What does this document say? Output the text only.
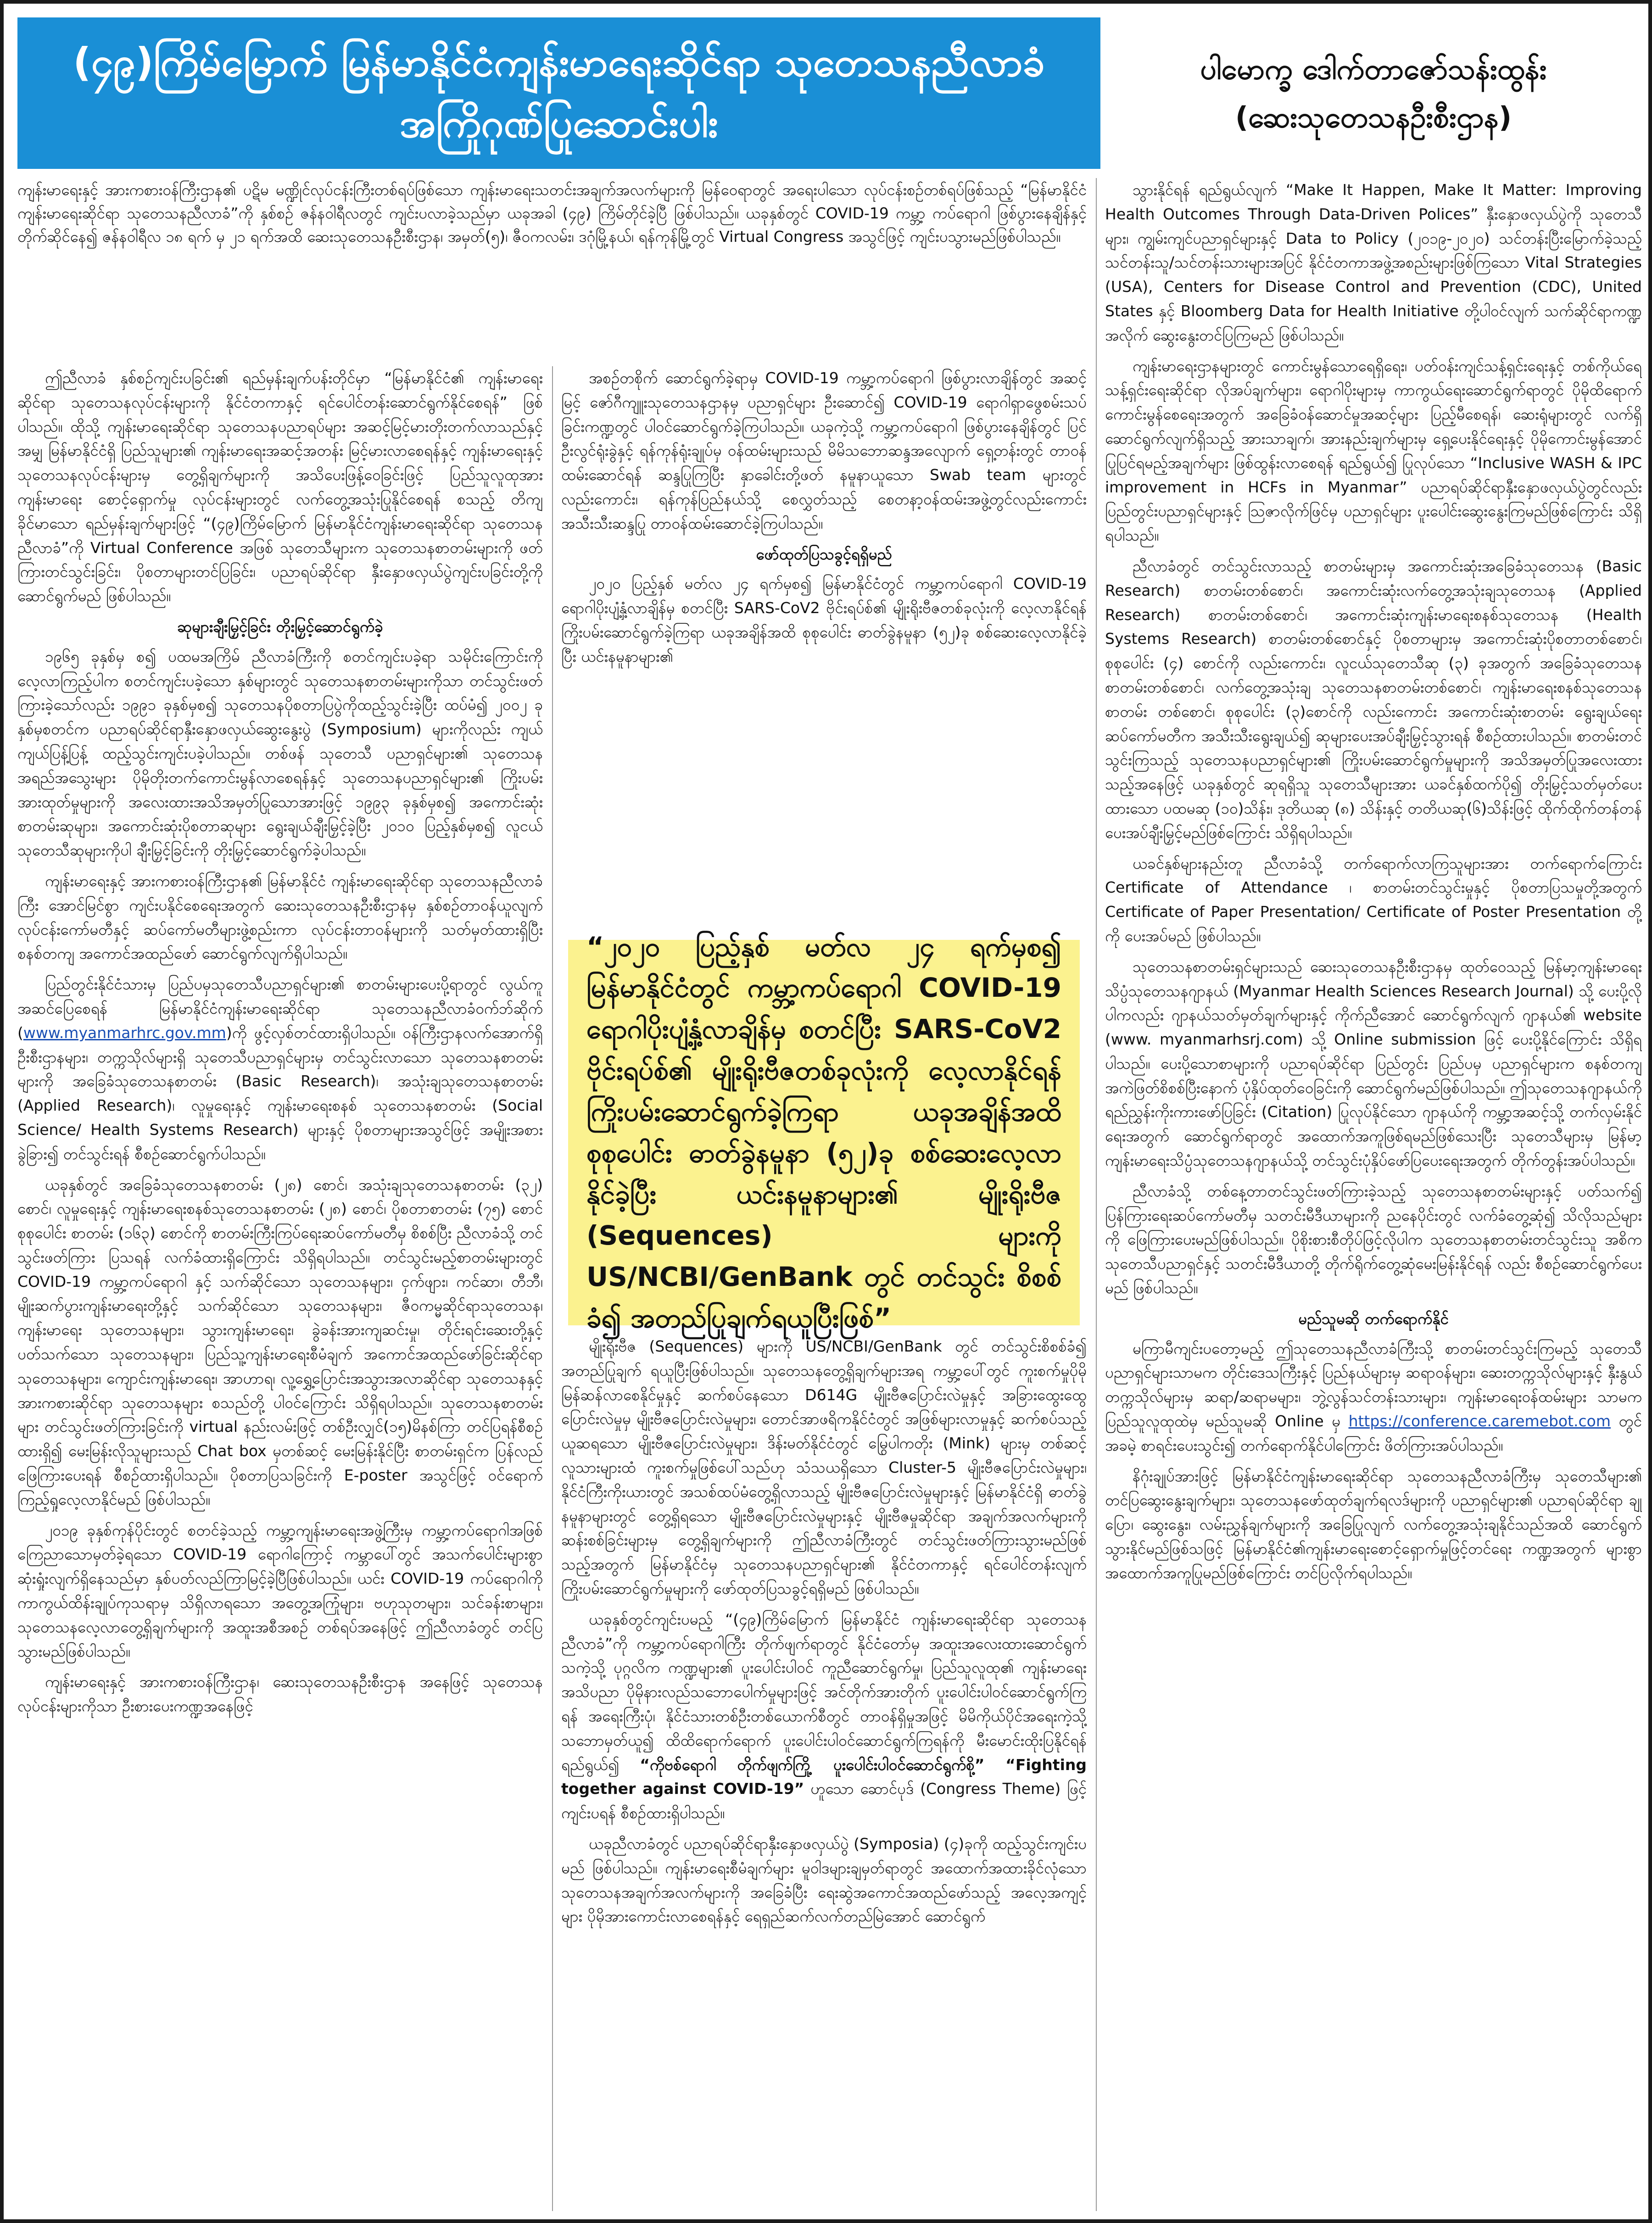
(၄၉)ကြိမ်မြောက် မြန်မာနိုင်ငံကျန်းမာရေးဆိုင်ရာ သုတေသနညီလာခံ
အကြိုဂုဏ်ပြုဆောင်းပါး
ပါမောက္ခ ဒေါက်တာဇော်သန်းထွန်း
(ဆေးသုတေသနဦးစီးဌာန)
ကျန်းမာရေးနှင့် အားကစားဝန်ကြီးဌာန၏ ပဋိမ မဏ္ဍိုင်လုပ်ငန်းကြီးတစ်ရပ်ဖြစ်သော ကျန်းမာရေးသတင်းအချက်အလက်များကို မြန်ဝေရာတွင် အရေးပါသော လုပ်ငန်းစဉ်တစ်ရပ်ဖြစ်သည့် “မြန်မာနိုင်ငံ ကျန်းမာရေးဆိုင်ရာ သုတေသနညီလာခံ”ကို နှစ်စဉ် ဇန်နဝါရီလတွင် ကျင်းပလာခဲ့သည်မှာ ယခုအခါ (၄၉) ကြိမ်တိုင်ခဲ့ပြီ ဖြစ်ပါသည်။ ယခုနှစ်တွင် COVID-19 ကမ္ဘာ့ ကပ်ရောဂါ ဖြစ်ပွားနေချိန်နှင့် တိုက်ဆိုင်နေ၍ ဇန်နဝါရီလ ၁၈ ရက် မှ ၂၁ ရက်အထိ ဆေးသုတေသနဦးစီးဌာန၊ အမှတ်(၅)၊ ဇီဝကလမ်း၊ ဒဂုံမြို့နယ်၊ ရန်ကုန်မြို့တွင် Virtual Congress အသွင်ဖြင့် ကျင်းပသွားမည်ဖြစ်ပါသည်။

ဤညီလာခံ နှစ်စဉ်ကျင်းပခြင်း၏ ရည်မှန်းချက်ပန်းတိုင်မှာ “မြန်မာနိုင်ငံ၏ ကျန်းမာရေးဆိုင်ရာ သုတေသနလုပ်ငန်းများကို နိုင်ငံတကာနှင့် ရင်ပေါင်တန်းဆောင်ရွက်နိုင်စေရန်” ဖြစ်ပါသည်။ ထိုသို့ ကျန်းမာရေးဆိုင်ရာ သုတေသနပညာရပ်များ အဆင့်မြင့်မားတိုးတက်လာသည်နှင့်အမျှ မြန်မာနိုင်ငံရှိ ပြည်သူများ၏ ကျန်းမာရေးအဆင့်အတန်း မြင့်မားလာစေရန်နှင့် ကျန်းမာရေးနှင့် သုတေသနလုပ်ငန်းများမှ တွေ့ရှိချက်များကို အသိပေးဖြန့်ဝေခြင်းဖြင့် ပြည်သူလူထုအား ကျန်းမာရေး စောင့်ရှောက်မှု လုပ်ငန်းများတွင် လက်တွေ့အသုံးပြုနိုင်စေရန် စသည့် တိကျခိုင်မာသော ရည်မှန်းချက်များဖြင့် “(၄၉)ကြိမ်မြောက် မြန်မာနိုင်ငံကျန်းမာရေးဆိုင်ရာ သုတေသနညီလာခံ”ကို Virtual Conference အဖြစ် သုတေသီများက သုတေသနစာတမ်းများကို ဖတ်ကြားတင်သွင်းခြင်း၊ ပိုစတာများတင်ပြခြင်း၊ ပညာရပ်ဆိုင်ရာ နှီးနှောဖလှယ်ပွဲကျင်းပခြင်းတို့ကို ဆောင်ရွက်မည် ဖြစ်ပါသည်။

ဆုများချီးမြှင့်ခြင်း တိုးမြှင့်ဆောင်ရွက်ခဲ့

၁၉၆၅ ခုနှစ်မှ စ၍ ပထမအကြိမ် ညီလာခံကြီးကို စတင်ကျင်းပခဲ့ရာ သမိုင်းကြောင်းကို လေ့လာကြည့်ပါက စတင်ကျင်းပခဲ့သော နှစ်များတွင် သုတေသနစာတမ်းများကိုသာ တင်သွင်းဖတ်ကြားခဲ့သော်လည်း ၁၉၉၁ ခုနှစ်မှစ၍ သုတေသနပိုစတာပြပွဲကိုထည့်သွင်းခဲ့ပြီး ထပ်မံ၍ ၂၀၀၂ ခုနှစ်မှစတင်က ပညာရပ်ဆိုင်ရာနှီးနှောဖလှယ်ဆွေးနွေးပွဲ (Symposium) များကိုလည်း ကျယ်ကျယ်ပြန့်ပြန့် ထည့်သွင်းကျင်းပခဲ့ပါသည်။ တစ်ဖန် သုတေသီ ပညာရှင်များ၏ သုတေသနအရည်အသွေးများ ပိုမိုတိုးတက်ကောင်းမွန်လာစေရန်နှင့် သုတေသနပညာရှင်များ၏ ကြိုးပမ်းအားထုတ်မှုများကို အလေးထားအသိအမှတ်ပြုသောအားဖြင့် ၁၉၉၃ ခုနှစ်မှစ၍ အကောင်းဆုံး စာတမ်းဆုများ၊ အကောင်းဆုံးပိုစတာဆုများ ရွေးချယ်ချီးမြှင့်ခဲ့ပြီး ၂၀၁၀ ပြည့်နှစ်မှစ၍ လူငယ်သုတေသီဆုများကိုပါ ချီးမြှင့်ခြင်းကို တိုးမြှင့်ဆောင်ရွက်ခဲ့ပါသည်။

ကျန်းမာရေးနှင့် အားကစားဝန်ကြီးဌာန၏ မြန်မာနိုင်ငံ ကျန်းမာရေးဆိုင်ရာ သုတေသနညီလာခံကြီး အောင်မြင်စွာ ကျင်းပနိုင်စေရေးအတွက် ဆေးသုတေသနဦးစီးဌာနမှ နှစ်စဉ်တာဝန်ယူလျက် လုပ်ငန်းကော်မတီနှင့် ဆပ်ကော်မတီများဖွဲ့စည်းကာ လုပ်ငန်းတာဝန်များကို သတ်မှတ်ထားရှိပြီး စနစ်တကျ အကောင်အထည်ဖော် ဆောင်ရွက်လျက်ရှိပါသည်။

ပြည်တွင်းနိုင်ငံသားမှ ပြည်ပမှသုတေသီပညာရှင်များ၏ စာတမ်းများပေးပို့ရာတွင် လွယ်ကူအဆင်ပြေစေရန် မြန်မာနိုင်ငံကျန်းမာရေးဆိုင်ရာ သုတေသနညီလာခံဝက်ဘ်ဆိုက် (www.myanmarhrc.gov.mm)ကို ဖွင့်လှစ်တင်ထားရှိပါသည်။ ဝန်ကြီးဌာနလက်အောက်ရှိ ဦးစီးဌာနများ၊ တက္ကသိုလ်များရှိ သုတေသီပညာရှင်များမှ တင်သွင်းလာသော သုတေသနစာတမ်းများကို အခြေခံသုတေသနစာတမ်း (Basic Research)၊ အသုံးချသုတေသနစာတမ်း (Applied Research)၊ လူမှုရေးနှင့် ကျန်းမာရေးစနစ် သုတေသနစာတမ်း (Social Science/ Health Systems Research) များနှင့် ပိုစတာများအသွင်ဖြင့် အမျိုးအစားခွဲခြား၍ တင်သွင်းရန် စီစဉ်ဆောင်ရွက်ပါသည်။

ယခုနှစ်တွင် အခြေခံသုတေသနစာတမ်း (၂၈) စောင်၊ အသုံးချသုတေသနစာတမ်း (၃၂) စောင်၊ လူမှုရေးနှင့် ကျန်းမာရေးစနစ်သုတေသနစာတမ်း (၂၈) စောင်၊ ပိုစတာစာတမ်း (၇၅) စောင် စုစုပေါင်း စာတမ်း (၁၆၃) စောင်ကို စာတမ်းကြီးကြပ်ရေးဆပ်ကော်မတီမှ စိစစ်ပြီး ညီလာခံသို့ တင်သွင်းဖတ်ကြား ပြသရန် လက်ခံထားရှိကြောင်း သိရှိရပါသည်။ တင်သွင်းမည့်စာတမ်းများတွင် COVID-19 ကမ္ဘာ့ကပ်ရောဂါ နှင့် သက်ဆိုင်သော သုတေသနများ၊ ငှက်ဖျား၊ ကင်ဆာ၊ တီဘီ၊ မျိုးဆက်ပွားကျန်းမာရေးတို့နှင့် သက်ဆိုင်သော သုတေသနများ၊ ဇီဝကမ္မဆိုင်ရာသုတေသန၊ ကျန်းမာရေး သုတေသနများ၊ သွားကျန်းမာရေး၊ ခွဲခန်းအားကျဆင်းမှု၊ တိုင်းရင်းဆေးတို့နှင့် ပတ်သက်သော သုတေသနများ၊ ပြည်သူ့ကျန်းမာရေးစီမံချက် အကောင်အထည်ဖော်ခြင်းဆိုင်ရာ သုတေသနများ၊ ကျောင်းကျန်းမာရေး၊ အာဟာရ၊ လူ့ရွှေ့ပြောင်းအသွားအလာဆိုင်ရာ သုတေသနနှင့် အားကစားဆိုင်ရာ သုတေသနများ စသည်တို့ ပါဝင်ကြောင်း သိရှိရပါသည်။ သုတေသနစာတမ်းများ တင်သွင်းဖတ်ကြားခြင်းကို virtual နည်းလမ်းဖြင့် တစ်ဦးလျှင်(၁၅)မိနစ်ကြာ တင်ပြရန်စီစဉ်ထားရှိ၍ မေးမြန်းလိုသူများသည် Chat box မှတစ်ဆင့် မေးမြန်းနိုင်ပြီး စာတမ်းရှင်က ပြန်လည်ဖြေကြားပေးရန် စီစဉ်ထားရှိပါသည်။ ပိုစတာပြသခြင်းကို E-poster အသွင်ဖြင့် ဝင်ရောက်ကြည့်ရှုလေ့လာနိုင်မည် ဖြစ်ပါသည်။

၂၀၁၉ ခုနှစ်ကုန်ပိုင်းတွင် စတင်ခဲ့သည့် ကမ္ဘာ့ကျန်းမာရေးအဖွဲ့ကြီးမှ ကမ္ဘာ့ကပ်ရောဂါအဖြစ် ကြေညာသောမှတ်ခဲ့ရသော COVID-19 ရောဂါကြောင့် ကမ္ဘာပေါ်တွင် အသက်ပေါင်းများစွာ ဆုံးရှုံးလျက်ရှိနေသည်မှာ နှစ်ပတ်လည်ကြာမြင့်ခဲ့ပြီဖြစ်ပါသည်။ ယင်း COVID-19 ကပ်ရောဂါကို ကာကွယ်ထိန်းချုပ်ကုသရာမှ သိရှိလာရသော အတွေ့အကြုံများ၊ ဗဟုသုတများ၊ သင်ခန်းစာများ၊ သုတေသနလေ့လာတွေ့ရှိချက်များကို အထူးအစီအစဉ် တစ်ရပ်အနေဖြင့် ဤညီလာခံတွင် တင်ပြသွားမည်ဖြစ်ပါသည်။

ကျန်းမာရေးနှင့် အားကစားဝန်ကြီးဌာန၊ ဆေးသုတေသနဦးစီးဌာန အနေဖြင့် သုတေသနလုပ်ငန်းများကိုသာ ဦးစားပေးကဏ္ဍအနေဖြင့်

အစဉ်တစိုက် ဆောင်ရွက်ခဲ့ရာမှ COVID-19 ကမ္ဘာ့ကပ်ရောဂါ ဖြစ်ပွားလာချိန်တွင် အဆင့်မြင့် ဇော်ဂီကျူးသုတေသနဌာနမှ ပညာရှင်များ ဦးဆောင်၍ COVID-19 ရောဂါရှာဖွေစမ်းသပ်ခြင်းကဏ္ဍတွင် ပါဝင်ဆောင်ရွက်ခဲ့ကြပါသည်။ ယခုကဲ့သို့ ကမ္ဘာ့ကပ်ရောဂါ ဖြစ်ပွားနေချိန်တွင် ပြင်ဦးလွင်ရုံးခွဲနှင့် ရန်ကုန်ရုံးချုပ်မှ ဝန်ထမ်းများသည် မိမိသဘောဆန္ဒအလျောက် ရှေ့တန်းတွင် တာဝန်ထမ်းဆောင်ရန် ဆန္ဒပြုကြပြီး နှာခေါင်းတို့ဖတ် နမူနာယူသော Swab team များတွင် လည်းကောင်း၊ ရန်ကုန်ပြည်နယ်သို့ စေလွှတ်သည့် စေတနာ့ဝန်ထမ်းအဖွဲ့တွင်လည်းကောင်း အသီးသီးဆန္ဒပြု တာဝန်ထမ်းဆောင်ခဲ့ကြပါသည်။

ဖော်ထုတ်ပြသခွင့်ရရှိမည်

၂၀၂၀ ပြည့်နှစ် မတ်လ ၂၄ ရက်မှစ၍ မြန်မာနိုင်ငံတွင် ကမ္ဘာ့ကပ်ရောဂါ COVID-19 ရောဂါပိုးပျံ့နှံ့လာချိန်မှ စတင်ပြီး SARS-CoV2 ဗိုင်းရပ်စ်၏ မျိုးရိုးဗီဇတစ်ခုလုံးကို လေ့လာနိုင်ရန် ကြိုးပမ်းဆောင်ရွက်ခဲ့ကြရာ ယခုအချိန်အထိ စုစုပေါင်း ဓာတ်ခွဲနမူနာ (၅၂)ခု စစ်ဆေးလေ့လာနိုင်ခဲ့ပြီး ယင်းနမူနာများ၏

“၂၀၂၀ ပြည့်နှစ် မတ်လ ၂၄ ရက်မှစ၍ မြန်မာနိုင်ငံတွင် ကမ္ဘာ့ကပ်ရောဂါ COVID-19 ရောဂါပိုးပျံ့နှံ့လာချိန်မှ စတင်ပြီး SARS-CoV2 ဗိုင်းရပ်စ်၏ မျိုးရိုးဗီဇတစ်ခုလုံးကို လေ့လာနိုင်ရန် ကြိုးပမ်းဆောင်ရွက်ခဲ့ကြရာ ယခုအချိန်အထိ စုစုပေါင်း ဓာတ်ခွဲနမူနာ (၅၂)ခု စစ်ဆေးလေ့လာနိုင်ခဲ့ပြီး ယင်းနမူနာများ၏ မျိုးရိုးဗီဇ (Sequences) များကို US/NCBI/GenBank တွင် တင်သွင်း စိစစ်ခံ၍ အတည်ပြုချက်ရယူပြီးဖြစ်”

မျိုးရိုးဗီဇ (Sequences) များကို US/NCBI/GenBank တွင် တင်သွင်းစိစစ်ခံ၍ အတည်ပြုချက် ရယူပြီးဖြစ်ပါသည်။ သုတေသနတွေ့ရှိချက်များအရ ကမ္ဘာ့ပေါ်တွင် ကူးစက်မှုပိုမိုမြန်ဆန်လာစေနိုင်မှုနှင့် ဆက်စပ်နေသော D614G မျိုးဗီဇပြောင်းလဲမှုနှင့် အခြားထွေးထွေပြောင်းလဲမှုမှ မျိုးဗီဇပြောင်းလဲမှုများ၊ တောင်အာဖရိကနိုင်ငံတွင် အဖြစ်များလာမှုနှင့် ဆက်စပ်သည့် ယူဆရသော မျိုးဗီဇပြောင်းလဲမှုများ၊ ဒိန်းမတ်နိုင်ငံတွင် မြွေပါကတိုး (Mink) များမှ တစ်ဆင့် လူသားများထံ ကူးစက်မှုဖြစ်ပေါ်သည်ဟု သံသယရှိသော Cluster-5 မျိုးဗီဇပြောင်းလဲမှုများ၊ နိုင်ငံကြီးကိုးယားတွင် အသစ်ထပ်မံတွေ့ရှိလာသည့် မျိုးဗီဇပြောင်းလဲမှုများနှင့် မြန်မာနိုင်ငံရှိ ဓာတ်ခွဲနမူနာများတွင် တွေ့ရှိရသော မျိုးဗီဇပြောင်းလဲမှုများနှင့် မျိုးဗီဇမှုဆိုင်ရာ အချက်အလက်များကို ဆန်းစစ်ခြင်းများမှ တွေ့ရှိချက်များကို ဤညီလာခံကြီးတွင် တင်သွင်းဖတ်ကြားသွားမည်ဖြစ်သည့်အတွက် မြန်မာနိုင်ငံမှ သုတေသနပညာရှင်များ၏ နိုင်ငံတကာနှင့် ရင်ပေါင်တန်းလျက် ကြိုးပမ်းဆောင်ရွက်မှုများကို ဖော်ထုတ်ပြသခွင့်ရရှိမည် ဖြစ်ပါသည်။

ယခုနှစ်တွင်ကျင်းပမည့် “(၄၉)ကြိမ်မြောက် မြန်မာနိုင်ငံ ကျန်းမာရေးဆိုင်ရာ သုတေသနညီလာခံ”ကို ကမ္ဘာ့ကပ်ရောဂါကြီး တိုက်ဖျက်ရာတွင် နိုင်ငံတော်မှ အထူးအလေးထားဆောင်ရွက်သကဲ့သို့ ပုဂ္ဂလိက ကဏ္ဍများ၏ ပူးပေါင်းပါဝင် ကူညီဆောင်ရွက်မှု၊ ပြည်သူလူထု၏ ကျန်းမာရေးအသိပညာ ပိုမိုနားလည်သဘောပေါက်မှုများဖြင့် အင်တိုက်အားတိုက် ပူးပေါင်းပါဝင်ဆောင်ရွက်ကြရန် အရေးကြီးပုံ၊ နိုင်ငံသားတစ်ဦးတစ်ယောက်စီတွင် တာဝန်ရှိမှုအဖြင့် မိမိကိုယ်ပိုင်အရေးကဲ့သို့ သဘောမှတ်ယူ၍ ထိထိရောက်ရောက် ပူးပေါင်းပါဝင်ဆောင်ရွက်ကြရန်ကို မီးမောင်းထိုးပြနိုင်ရန်ရည်ရွယ်၍ “ကိုဗစ်ရောဂါ တိုက်ဖျက်ကြို့ ပူးပေါင်းပါဝင်ဆောင်ရွက်စို့” “Fighting together against COVID-19” ဟူသော ဆောင်ပုဒ် (Congress Theme) ဖြင့် ကျင်းပရန် စီစဉ်ထားရှိပါသည်။

ယခုညီလာခံတွင် ပညာရပ်ဆိုင်ရာနှီးနှောဖလှယ်ပွဲ (Symposia) (၄)ခုကို ထည့်သွင်းကျင်းပမည် ဖြစ်ပါသည်။ ကျန်းမာရေးစီမံချက်များ မူဝါဒများချမှတ်ရာတွင် အထောက်အထားခိုင်လုံသော သုတေသနအချက်အလက်များကို အခြေခံပြီး ရေးဆွဲအကောင်အထည်ဖော်သည့် အလေ့အကျင့်များ ပိုမိုအားကောင်းလာစေရန်နှင့် ရေရှည်ဆက်လက်တည်မြဲအောင် ဆောင်ရွက်

သွားနိုင်ရန် ရည်ရွယ်လျက် “Make It Happen, Make It Matter: Improving Health Outcomes Through Data-Driven Polices” နှီးနှောဖလှယ်ပွဲကို သုတေသီများ၊ ကျွမ်းကျင်ပညာရှင်များနှင့် Data to Policy (၂၀၁၉-၂၀၂၀) သင်တန်းပြီးမြောက်ခဲ့သည့် သင်တန်းသူ/သင်တန်းသားများအပြင် နိုင်ငံတကာအဖွဲ့အစည်းများဖြစ်ကြသော Vital Strategies (USA), Centers for Disease Control and Prevention (CDC), United States နှင့် Bloomberg Data for Health Initiative တို့ပါဝင်လျက် သက်ဆိုင်ရာကဏ္ဍအလိုက် ဆွေးနွေးတင်ပြကြမည် ဖြစ်ပါသည်။

ကျန်းမာရေးဌာနများတွင် ကောင်းမွန်သောရေရှိရေး၊ ပတ်ဝန်းကျင်သန့်ရှင်းရေးနှင့် တစ်ကိုယ်ရေသန့်ရှင်းရေးဆိုင်ရာ လိုအပ်ချက်များ၊ ရောဂါပိုးများမှ ကာကွယ်ရေးဆောင်ရွက်ရာတွင် ပိုမိုထိရောက်ကောင်းမွန်စေရေးအတွက် အခြေခံဝန်ဆောင်မှုအဆင့်များ ပြည့်မီစေရန်၊ ဆေးရုံများတွင် လက်ရှိဆောင်ရွက်လျက်ရှိသည့် အားသာချက်၊ အားနည်းချက်များမှ ရှေ့ပေးနိုင်ရေးနှင့် ပိုမိုကောင်းမွန်အောင်ပြုပြင်ရမည့်အချက်များ ဖြစ်ထွန်းလာစေရန် ရည်ရွယ်၍ ပြုလုပ်သော “Inclusive WASH & IPC improvement in HCFs in Myanmar” ပညာရပ်ဆိုင်ရာနှီးနှောဖလှယ်ပွဲတွင်လည်း ပြည်တွင်းပညာရှင်များနှင့် ဩဇာလိုက်ဖြင်မှ ပညာရှင်များ ပူးပေါင်းဆွေးနွေးကြမည်ဖြစ်ကြောင်း သိရှိရပါသည်။

ညီလာခံတွင် တင်သွင်းလာသည့် စာတမ်းများမှ အကောင်းဆုံးအခြေခံသုတေသန (Basic Research) စာတမ်းတစ်စောင်၊ အကောင်းဆုံးလက်တွေ့အသုံးချသုတေသန (Applied Research) စာတမ်းတစ်စောင်၊ အကောင်းဆုံးကျန်းမာရေးစနစ်သုတေသန (Health Systems Research) စာတမ်းတစ်စောင်နှင့် ပိုစတာများမှ အကောင်းဆုံးပိုစတာတစ်စောင်၊ စုစုပေါင်း (၄) စောင်ကို လည်းကောင်း၊ လူငယ်သုတေသီဆု (၃) ခုအတွက် အခြေခံသုတေသနစာတမ်းတစ်စောင်၊ လက်တွေ့အသုံးချ သုတေသနစာတမ်းတစ်စောင်၊ ကျန်းမာရေးစနစ်သုတေသနစာတမ်း တစ်စောင်၊ စုစုပေါင်း (၃)စောင်ကို လည်းကောင်း အကောင်းဆုံးစာတမ်း ရွေးချယ်ရေး ဆပ်ကော်မတီက အသီးသီးရွေးချယ်၍ ဆုများပေးအပ်ချီးမြှင့်သွားရန် စီစဉ်ထားပါသည်။ စာတမ်းတင်သွင်းကြသည့် သုတေသနပညာရှင်များ၏ ကြိုးပမ်းဆောင်ရွက်မှုများကို အသိအမှတ်ပြုအလေးထားသည့်အနေဖြင့် ယခုနှစ်တွင် ဆုရရှိသူ သုတေသီများအား ယခင်နှစ်ထက်ပို၍ တိုးမြှင့်သတ်မှတ်ပေးထားသော ပထမဆု (၁၀)သိန်း၊ ဒုတိယဆု (၈) သိန်းနှင့် တတိယဆု(၆)သိန်းဖြင့် ထိုက်ထိုက်တန်တန် ပေးအပ်ချီးမြှင့်မည်ဖြစ်ကြောင်း သိရှိရပါသည်။

ယခင်နှစ်များနည်းတူ ညီလာခံသို့ တက်ရောက်လာကြသူများအား တက်ရောက်ကြောင်း Certificate of Attendance ၊ စာတမ်းတင်သွင်းမှုနှင့် ပိုစတာပြသမှုတို့အတွက် Certificate of Paper Presentation/ Certificate of Poster Presentation တို့ကို ပေးအပ်မည် ဖြစ်ပါသည်။

သုတေသနစာတမ်းရှင်များသည် ဆေးသုတေသနဦးစီးဌာနမှ ထုတ်ဝေသည့် မြန်မာ့ကျန်းမာရေး သိပ္ပံသုတေသနဂျာနယ် (Myanmar Health Sciences Research Journal) သို့ ပေးပို့လိုပါကလည်း ဂျာနယ်သတ်မှတ်ချက်များနှင့် ကိုက်ညီအောင် ဆောင်ရွက်လျက် ဂျာနယ်၏ website (www. myanmarhsrj.com) သို့ Online submission ဖြင့် ပေးပို့နိုင်ကြောင်း သိရှိရပါသည်။ ပေးပို့သောစာများကို ပညာရပ်ဆိုင်ရာ ပြည်တွင်း ပြည်ပမှ ပညာရှင်များက စနစ်တကျ အကဲဖြတ်စိစစ်ပြီးနောက် ပုံနှိပ်ထုတ်ဝေခြင်းကို ဆောင်ရွက်မည်ဖြစ်ပါသည်။ ဤသုတေသနဂျာနယ်ကို ရည်ညွှန်းကိုးကားဖော်ပြခြင်း (Citation) ပြုလုပ်နိုင်သော ဂျာနယ်ကို ကမ္ဘာ့အဆင့်သို့ တက်လှမ်းနိုင်ရေးအတွက် ဆောင်ရွက်ရာတွင် အထောက်အကူဖြစ်ရမည်ဖြစ်သေးပြီး သုတေသီများမှ မြန်မာ့ကျန်းမာရေးသိပ္ပံသုတေသနဂျာနယ်သို့ တင်သွင်းပုံနှိပ်ဖော်ပြပေးရေးအတွက် တိုက်တွန်းအပ်ပါသည်။

ညီလာခံသို့ တစ်နေ့တာတင်သွင်းဖတ်ကြားခဲ့သည့် သုတေသနစာတမ်းများနှင့် ပတ်သက်၍ ပြန်ကြားရေးဆပ်ကော်မတီမှ သတင်းမီဒီယာများကို ညနေပိုင်းတွင် လက်ခံတွေ့ဆုံ၍ သိလိုသည်များကို ဖြေကြားပေးမည်ဖြစ်ပါသည်။ ပိုစိုးစားစီတိုပ်ဖြင့်လိုပါက သုတေသနစာတမ်းတင်သွင်းသူ အစိကသုတေသီပညာရှင်နှင့် သတင်းမီဒီယာတို့ တိုက်ရိုက်တွေ့ဆုံမေးမြန်းနိုင်ရန် လည်း စီစဉ်ဆောင်ရွက်ပေးမည် ဖြစ်ပါသည်။

မည်သူမဆို တက်ရောက်နိုင်

မကြာမီကျင်းပတော့မည့် ဤသုတေသနညီလာခံကြီးသို့ စာတမ်းတင်သွင်းကြမည့် သုတေသီပညာရှင်များသာမက တိုင်းဒေသကြီးနှင့် ပြည်နယ်များမှ ဆရာဝန်များ၊ ဆေးတက္ကသိုလ်များနှင့် နှီးနွယ်တက္ကသိုလ်များမှ ဆရာ/ဆရာမများ၊ ဘွဲ့လွန်သင်တန်းသားများ၊ ကျန်းမာရေးဝန်ထမ်းများ သာမက ပြည်သူလူထုထဲမှ မည်သူမဆို Online မှ https://conference.caremebot.com တွင် အခမဲ့ စာရင်းပေးသွင်း၍ တက်ရောက်နိုင်ပါကြောင်း ဖိတ်ကြားအပ်ပါသည်။

နိဂုံးချုပ်အားဖြင့် မြန်မာနိုင်ငံကျန်းမာရေးဆိုင်ရာ သုတေသနညီလာခံကြီးမှ သုတေသီများ၏ တင်ပြဆွေးနွေးချက်များ၊ သုတေသနဖော်ထုတ်ချက်ရလဒ်များကို ပညာရှင်များ၏ ပညာရပ်ဆိုင်ရာ ချုပြော၊ ဆွေးနွေး၊ လမ်းညွှန်ချက်များကို အခြေပြုလျက် လက်တွေ့အသုံးချနိုင်သည်အထိ ဆောင်ရွက်သွားနိုင်မည်ဖြစ်သဖြင့် မြန်မာနိုင်ငံ၏ကျန်းမာရေးစောင့်ရှောက်မှုဖြင့်တင်ရေး ကဏ္ဍအတွက် များစွာအထောက်အကူပြုမည်ဖြစ်ကြောင်း တင်ပြလိုက်ရပါသည်။
